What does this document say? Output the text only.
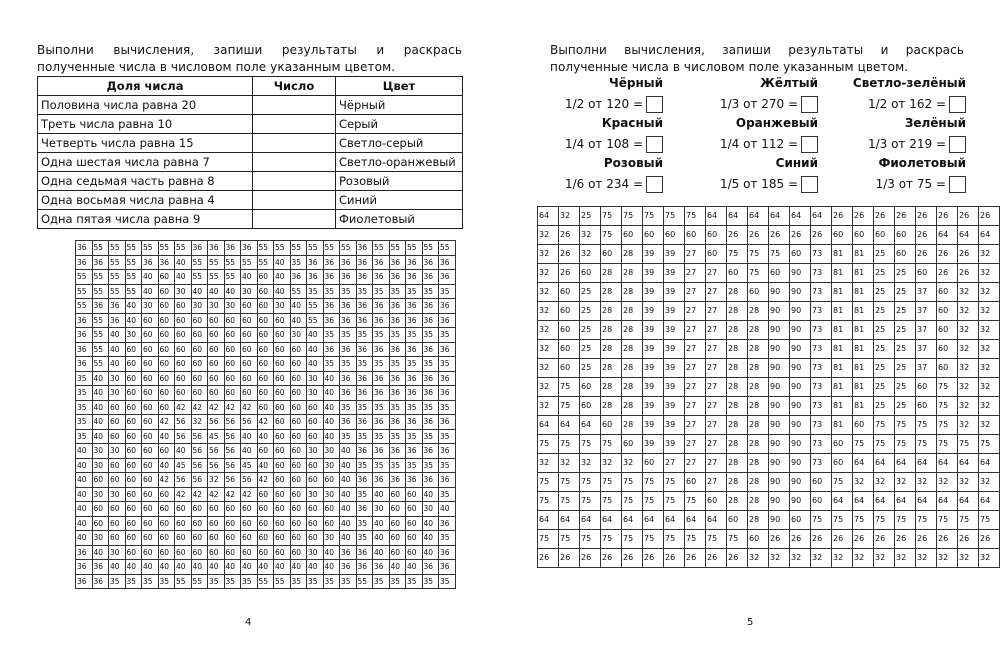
Выполни вычисления, запиши результаты и раскрась полученные числа в числовом поле указанным цветом.
Доля числа	Число	Цвет
Половина числа равна 20		Чёрный
Треть числа равна 10		Серый
Четверть числа равна 15		Светло-серый
Одна шестая числа равна 7		Светло-оранжевый
Одна седьмая часть равна 8		Розовый
Одна восьмая числа равна 4		Синий
Одна пятая числа равна 9		Фиолетовый
36	55	55	55	55	55	55	36	36	36	36	55	55	55	55	55	55	36	55	55	55	55	55
36	36	55	55	36	36	40	55	55	55	55	55	40	35	36	36	36	36	36	36	36	36	36
55	55	55	55	40	60	40	55	55	55	40	60	40	36	36	36	36	36	36	36	36	36	36
55	55	55	55	40	60	30	40	40	40	30	60	40	55	35	35	35	35	35	35	35	35	35
55	36	36	40	30	60	60	30	30	30	60	60	30	40	55	36	36	36	36	36	36	36	36
36	55	36	40	60	60	60	60	60	60	60	60	60	40	55	36	36	36	36	36	36	36	36
36	55	40	30	60	60	60	60	60	60	60	60	60	30	40	35	35	35	35	35	35	35	35
36	55	40	60	60	60	60	60	60	60	60	60	60	60	40	36	36	36	36	36	36	36	36
36	55	40	60	60	60	60	60	60	60	60	60	60	60	40	35	35	35	35	35	35	35	35
35	40	30	60	60	60	60	60	60	60	60	60	60	60	30	40	36	36	36	36	36	36	36
35	40	30	60	60	60	60	60	60	60	60	60	60	60	30	40	36	36	36	36	36	36	36
35	40	60	60	60	60	42	42	42	42	42	60	60	60	60	40	35	35	35	35	35	35	35
35	40	60	60	60	42	56	32	56	56	56	42	60	60	60	40	36	36	36	36	36	36	36
35	40	60	60	60	40	56	56	45	56	40	40	60	60	60	40	35	35	35	35	35	35	35
40	30	30	60	60	60	40	56	56	56	40	60	60	60	30	30	40	36	36	36	36	36	36
40	30	60	60	60	40	45	56	56	56	45	40	60	60	60	30	40	35	35	35	35	35	35
40	60	60	60	60	42	56	56	32	56	56	42	60	60	60	60	40	36	36	36	36	36	36
40	30	30	60	60	60	42	42	42	42	42	60	60	60	30	30	40	35	40	60	60	40	35
40	60	60	60	60	60	60	60	60	60	60	60	60	60	60	60	40	36	30	60	60	30	40
40	60	60	60	60	60	60	60	60	60	60	60	60	60	60	60	40	35	40	60	60	40	36
40	30	60	60	60	60	60	60	60	60	60	60	60	60	60	30	40	35	40	60	60	40	35
36	40	30	60	60	60	60	60	60	60	60	60	60	60	30	40	36	36	40	60	60	40	36
36	36	40	40	40	40	40	40	40	40	40	40	40	40	40	40	36	36	36	40	40	36	36
36	36	35	35	35	35	55	55	35	35	35	55	55	35	35	35	35	55	35	35	35	35	35
4
Выполни вычисления, запиши результаты и раскрась полученные числа в числовом поле указанным цветом.
64	32	25	75	75	75	75	75	64	64	64	64	64	64	26	26	26	26	26	26	26	26
32	26	32	75	60	60	60	60	60	26	26	26	26	26	60	60	60	60	26	64	64	64
32	26	32	60	28	39	39	27	60	75	75	75	60	73	81	81	25	60	26	26	26	32
32	26	60	28	28	39	39	27	27	60	75	60	90	73	81	81	25	25	60	26	26	32
32	60	25	28	28	39	39	27	27	28	60	90	90	73	81	81	25	25	37	60	32	32
32	60	25	28	28	39	39	27	27	28	28	90	90	73	81	81	25	25	37	60	32	32
32	60	25	28	28	39	39	27	27	28	28	90	90	73	81	81	25	25	37	60	32	32
32	60	25	28	28	39	39	27	27	28	28	90	90	73	81	81	25	25	37	60	32	32
32	60	25	28	28	39	39	27	27	28	28	90	90	73	81	81	25	25	37	60	32	32
32	75	60	28	28	39	39	27	27	28	28	90	90	73	81	81	25	25	60	75	32	32
32	75	60	28	28	39	39	27	27	28	28	90	90	73	81	81	25	25	60	75	32	32
64	64	64	60	28	39	39	27	27	28	28	90	90	73	81	60	75	75	75	75	32	32
75	75	75	75	60	39	39	27	27	28	28	90	90	73	60	75	75	75	75	75	75	75
32	32	32	32	32	60	27	27	27	28	28	90	90	73	60	64	64	64	64	64	64	64
75	75	75	75	75	75	75	60	27	28	28	90	90	60	75	32	32	32	32	32	32	32
75	75	75	75	75	75	75	75	60	28	28	90	90	60	64	64	64	64	64	64	64	64
64	64	64	64	64	64	64	64	64	60	28	90	60	75	75	75	75	75	75	75	75	75
75	75	75	75	75	75	75	75	75	75	60	26	26	26	26	26	26	26	26	26	26	26
26	26	26	26	26	26	26	26	26	26	32	32	32	32	32	32	32	32	32	32	32	32
5
Чёрный
1/2 от 120 =
Жёлтый
1/3 от 270 =
Светло-зелёный
1/2 от 162 =
Красный
1/4 от 108 =
Оранжевый
1/4 от 112 =
Зелёный
1/3 от 219 =
Розовый
1/6 от 234 =
Синий
1/5 от 185 =
Фиолетовый
1/3 от 75 =
